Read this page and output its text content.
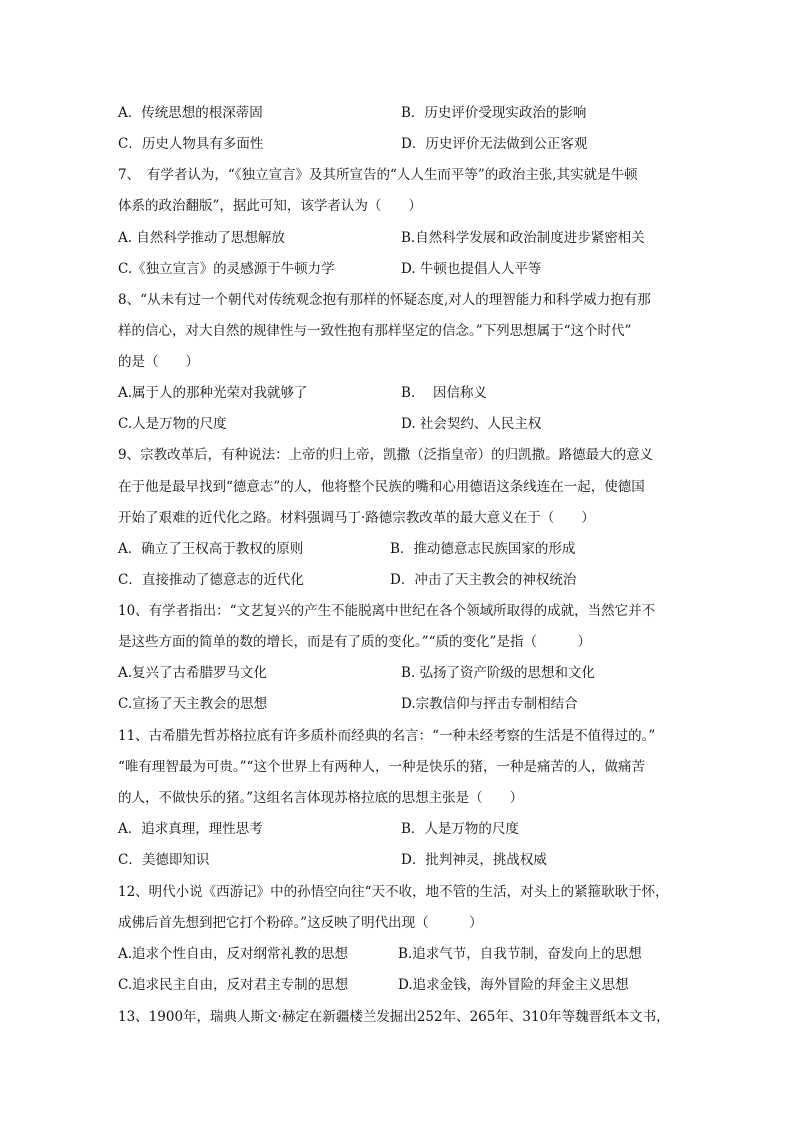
A．传统思想的根深蒂固	B．历史评价受现实政治的影响
C．历史人物具有多面性	D．历史评价无法做到公正客观
7、　有学者认为，“《独立宣言》及其所宣告的“人人生而平等”的政治主张,其实就是牛顿
体系的政治翻版”，据此可知，该学者认为（　　）
A. 自然科学推动了思想解放	B.自然科学发展和政治制度进步紧密相关
C.《独立宣言》的灵感源于牛顿力学	D. 牛顿也提倡人人平等
8、“从未有过一个朝代对传统观念抱有那样的怀疑态度,对人的理智能力和科学威力抱有那
样的信心，对大自然的规律性与一致性抱有那样坚定的信念。”下列思想属于“这个时代”
的是（　　）
A.属于人的那种光荣对我就够了	B.　 因信称义
C.人是万物的尺度	D. 社会契约、人民主权
9、宗教改革后，有种说法：上帝的归上帝，凯撒（泛指皇帝）的归凯撒。路德最大的意义
在于他是最早找到“德意志”的人，他将整个民族的嘴和心用德语这条线连在一起，使德国
开始了艰难的近代化之路。材料强调马丁·路德宗教改革的最大意义在于（　　）
A．确立了王权高于教权的原则	B．推动德意志民族国家的形成
C．直接推动了德意志的近代化	D．冲击了天主教会的神权统治
10、有学者指出：“文艺复兴的产生不能脱离中世纪在各个领域所取得的成就，当然它并不
是这些方面的简单的数的增长，而是有了质的变化。”“质的变化”是指（　　　）
A.复兴了古希腊罗马文化	B. 弘扬了资产阶级的思想和文化
C.宣扬了天主教会的思想	D.宗教信仰与抨击专制相结合
11、古希腊先哲苏格拉底有许多质朴而经典的名言：“一种未经考察的生活是不值得过的。”
“唯有理智最为可贵。”“这个世界上有两种人，一种是快乐的猪，一种是痛苦的人，做痛苦
的人，不做快乐的猪。”这组名言体现苏格拉底的思想主张是（　　）
A．追求真理，理性思考	B．人是万物的尺度
C．美德即知识	D．批判神灵，挑战权威
12、明代小说《西游记》中的孙悟空向往“天不收，地不管的生活，对头上的紧箍耿耿于怀，
成佛后首先想到把它打个粉碎。”这反映了明代出现（　　　）
A.追求个性自由，反对纲常礼教的思想	B.追求气节，自我节制，奋发向上的思想
C.追求民主自由，反对君主专制的思想	D.追求金钱，海外冒险的拜金主义思想
13、1900年，瑞典人斯文·赫定在新疆楼兰发掘出252年、265年、310年等魏晋纸本文书，
